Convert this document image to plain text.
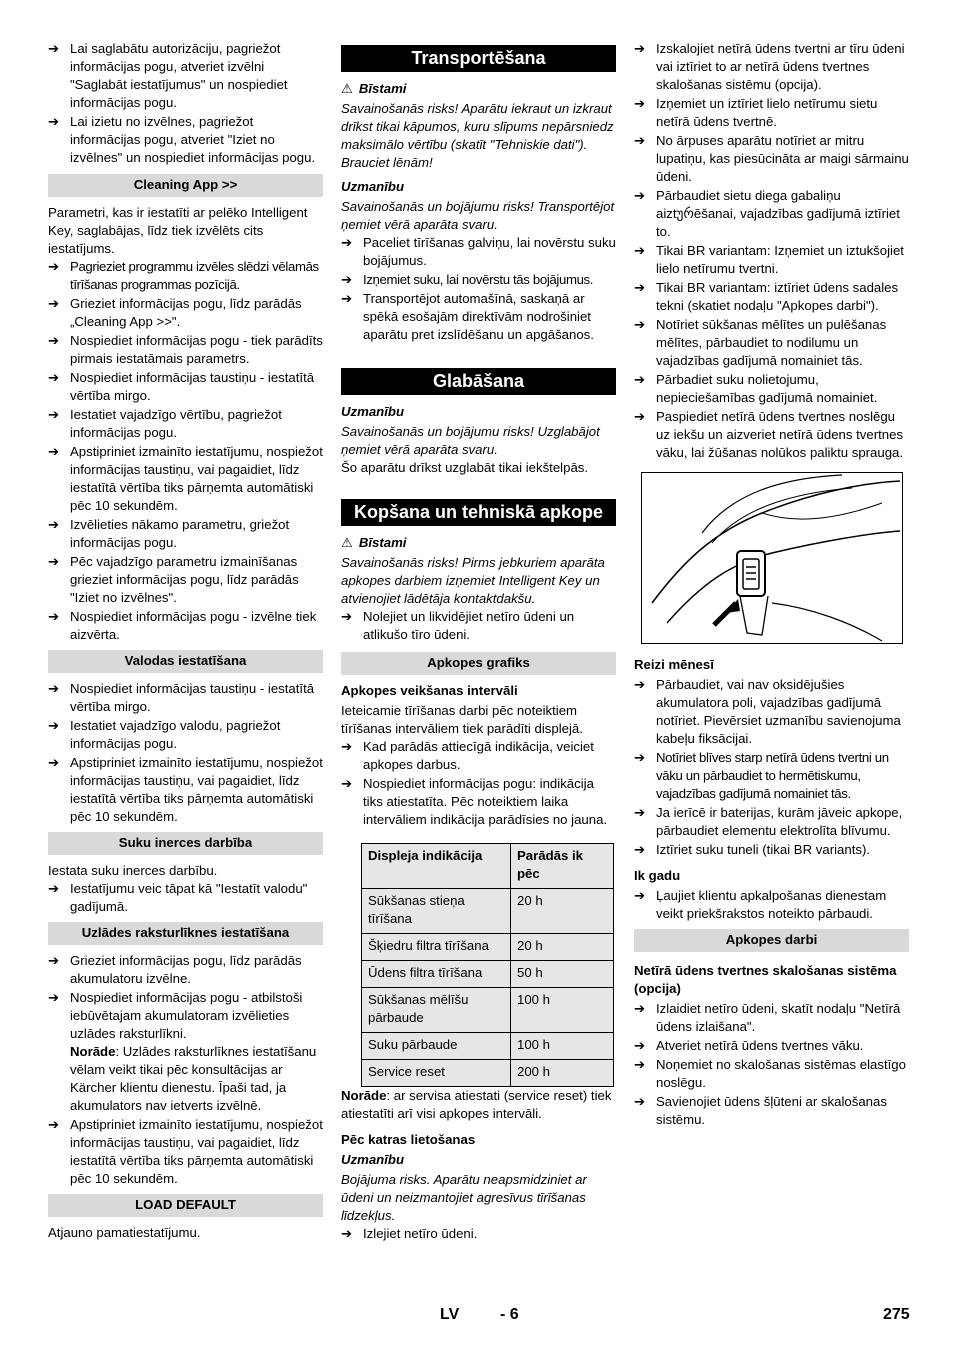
➔ Lai saglabātu autorizāciju, pagriežot informācijas pogu, atveriet izvēlni "Saglabāt iestatījumus" un nospiediet informācijas pogu.
➔ Lai izietu no izvēlnes, pagriežot informācijas pogu, atveriet "Iziet no izvēlnes" un nospiediet informācijas pogu.
Cleaning App >>
Parametri, kas ir iestatīti ar pelēko Intelligent Key, saglabājas, līdz tiek izvēlēts cits iestatījums.
➔ Pagrieziet programmu izvēles slēdzi vēlamās tīrīšanas programmas pozīcijā.
➔ Grieziet informācijas pogu, līdz parādās „Cleaning App >>".
➔ Nospiediet informācijas pogu - tiek parādīts pirmais iestatāmais parametrs.
➔ Nospiediet informācijas taustiņu - iestatītā vērtība mirgo.
➔ Iestatiet vajadzīgo vērtību, pagriežot informācijas pogu.
➔ Apstipriniet izmainīto iestatījumu, nospiežot informācijas taustiņu, vai pagaidiet, līdz iestatītā vērtība tiks pārņemta automātiski pēc 10 sekundēm.
➔ Izvēlieties nākamo parametru, griežot informācijas pogu.
➔ Pēc vajadzīgo parametru izmainīšanas grieziet informācijas pogu, līdz parādās "Iziet no izvēlnes".
➔ Nospiediet informācijas pogu - izvēlne tiek aizvērta.
Valodas iestatīšana
➔ Nospiediet informācijas taustiņu - iestatītā vērtība mirgo.
➔ Iestatiet vajadzīgo valodu, pagriežot informācijas pogu.
➔ Apstipriniet izmainīto iestatījumu, nospiežot informācijas taustiņu, vai pagaidiet, līdz iestatītā vērtība tiks pārņemta automātiski pēc 10 sekundēm.
Suku inerces darbība
Iestata suku inerces darbību.
➔ Iestatījumu veic tāpat kā "Iestatīt valodu" gadījumā.
Uzlādes raksturlīknes iestatīšana
➔ Grieziet informācijas pogu, līdz parādās akumulatoru izvēlne.
➔ Nospiediet informācijas pogu - atbilstoši iebūvētajam akumulatoram izvēlieties uzlādes raksturlīkni.
Norāde: Uzlādes raksturlīknes iestatīšanu vēlam veikt tikai pēc konsultācijas ar Kärcher klientu dienestu. Īpaši tad, ja akumulators nav ietverts izvēlnē.
➔ Apstipriniet izmainīto iestatījumu, nospiežot informācijas taustiņu, vai pagaidiet, līdz iestatītā vērtība tiks pārņemta automātiski pēc 10 sekundēm.
LOAD DEFAULT
Atjauno pamatiestatījumu.
Transportēšana
⚠ Bīstami
Savainošanās risks! Aparātu iekraut un izkraut drīkst tikai kāpumos, kuru slīpums nepārsniedz maksimālo vērtību (skatīt "Tehniskie dati"). Brauciet lēnām!
Uzmanību
Savainošanās un bojājumu risks! Transportējot ņemiet vērā aparāta svaru.
➔ Paceliet tīrīšanas galviņu, lai novērstu suku bojājumus.
➔ Izņemiet suku, lai novērstu tās bojājumus.
➔ Transportējot automašīnā, saskaņā ar spēkā esošajām direktīvām nodrošiniet aparātu pret izslīdēšanu un apgāšanos.
Glabāšana
Uzmanību
Savainošanās un bojājumu risks! Uzglabājot ņemiet vērā aparāta svaru.
Šo aparātu drīkst uzglabāt tikai iekštelpās.
Kopšana un tehniskā apkope
⚠ Bīstami
Savainošanās risks! Pirms jebkuriem aparāta apkopes darbiem izņemiet Intelligent Key un atvienojiet lādētāja kontaktdakšu.
➔ Nolejiet un likvidējiet netīro ūdeni un atlikušo tīro ūdeni.
Apkopes grafiks
Apkopes veikšanas intervāli
Ieteicamie tīrīšanas darbi pēc noteiktiem tīrīšanas intervāliem tiek parādīti displejā.
➔ Kad parādās attiecīgā indikācija, veiciet apkopes darbus.
➔ Nospiediet informācijas pogu: indikācija tiks atiestatīta. Pēc noteiktiem laika intervāliem indikācija parādīsies no jauna.
Displeja indikācija	Parādās ik pēc
Sūkšanas stieņa tīrīšana	20 h
Šķiedru filtra tīrīšana	20 h
Ūdens filtra tīrīšana	50 h
Sūkšanas mēlīšu pārbaude	100 h
Suku pārbaude	100 h
Service reset	200 h
Norāde: ar servisa atiestati (service reset) tiek atiestatīti arī visi apkopes intervāli.
Pēc katras lietošanas
Uzmanību
Bojājuma risks. Aparātu neapsmidziniet ar ūdeni un neizmantojiet agresīvus tīrīšanas līdzekļus.
➔ Izlejiet netīro ūdeni.
➔ Izskalojiet netīrā ūdens tvertni ar tīru ūdeni vai iztīriet to ar netīrā ūdens tvertnes skalošanas sistēmu (opcija).
➔ Izņemiet un iztīriet lielo netīrumu sietu netīrā ūdens tvertnē.
➔ No ārpuses aparātu notīriet ar mitru lupatiņu, kas piesūcināta ar maigi sārmainu ūdeni.
➔ Pārbaudiet sietu diega gabaliņu aiztურēšanai, vajadzības gadījumā iztīriet to.
➔ Tikai BR variantam: Izņemiet un iztukšojiet lielo netīrumu tvertni.
➔ Tikai BR variantam: iztīriet ūdens sadales tekni (skatiet nodaļu "Apkopes darbi").
➔ Notīriet sūkšanas mēlītes un pulēšanas mēlītes, pārbaudiet to nodilumu un vajadzības gadījumā nomainiet tās.
➔ Pārbadiet suku nolietojumu, nepieciešamības gadījumā nomainiet.
➔ Paspiediet netīrā ūdens tvertnes noslēgu uz iekšu un aizveriet netīrā ūdens tvertnes vāku, lai žūšanas nolūkos paliktu sprauga.
Reizi mēnesī
➔ Pārbaudiet, vai nav oksidējušies akumulatora poli, vajadzības gadījumā notīriet. Pievērsiet uzmanību savienojuma kabeļu fiksācijai.
➔ Notīriet blīves starp netīrā ūdens tvertni un vāku un pārbaudiet to hermētiskumu, vajadzības gadījumā nomainiet tās.
➔ Ja ierīcē ir baterijas, kurām jāveic apkope, pārbaudiet elementu elektrolīta blīvumu.
➔ Iztīriet suku tuneli (tikai BR variants).
Ik gadu
➔ Ļaujiet klientu apkalpošanas dienestam veikt priekšrakstos noteikto pārbaudi.
Apkopes darbi
Netīrā ūdens tvertnes skalošanas sistēma (opcija)
➔ Izlaidiet netīro ūdeni, skatīt nodaļu "Netīrā ūdens izlaišana".
➔ Atveriet netīrā ūdens tvertnes vāku.
➔ Noņemiet no skalošanas sistēmas elastīgo noslēgu.
➔ Savienojiet ūdens šļūteni ar skalošanas sistēmu.
LV	- 6	275
